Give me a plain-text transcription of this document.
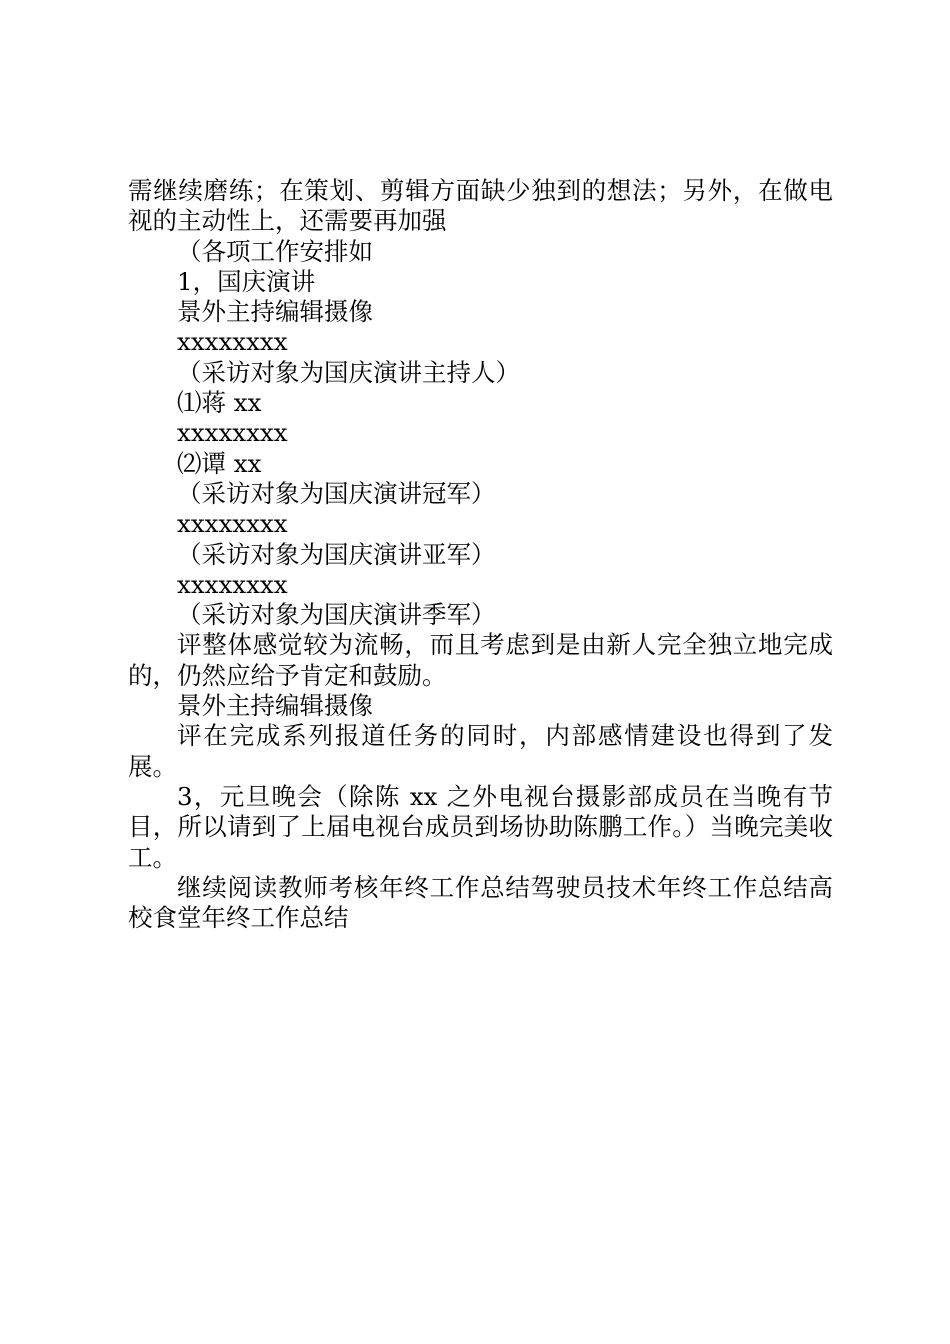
需继续磨练；在策划、剪辑方面缺少独到的想法；另外，在做电视的主动性上，还需要再加强

（各项工作安排如

1，国庆演讲

景外主持编辑摄像

xxxxxxxx

（采访对象为国庆演讲主持人）

⑴蒋 xx

xxxxxxxx

⑵谭 xx

（采访对象为国庆演讲冠军）

xxxxxxxx

（采访对象为国庆演讲亚军）

xxxxxxxx

（采访对象为国庆演讲季军）

评整体感觉较为流畅，而且考虑到是由新人完全独立地完成的，仍然应给予肯定和鼓励。

景外主持编辑摄像

评在完成系列报道任务的同时，内部感情建设也得到了发展。

3，元旦晚会（除陈 xx 之外电视台摄影部成员在当晚有节目，所以请到了上届电视台成员到场协助陈鹏工作。）当晚完美收工。

继续阅读教师考核年终工作总结驾驶员技术年终工作总结高校食堂年终工作总结
